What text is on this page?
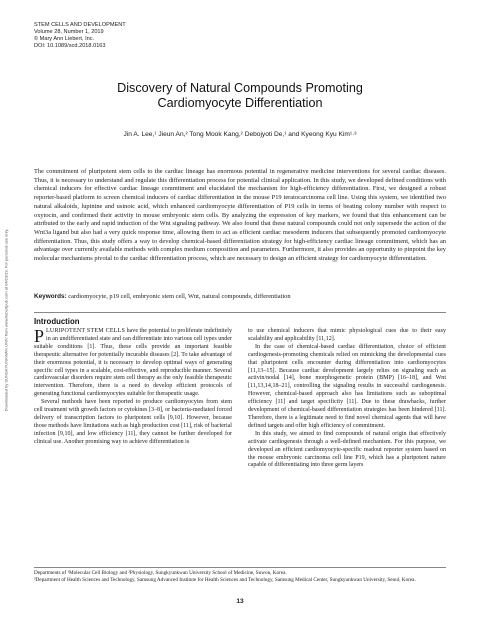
STEM CELLS AND DEVELOPMENT
Volume 28, Number 1, 2019
© Mary Ann Liebert, Inc.
DOI: 10.1089/scd.2018.0163
Downloaded by SUNGKYUNKWAN UNIV from www.liebertpub.com at 04/23/19. For personal use only.
Discovery of Natural Compounds Promoting
Cardiomyocyte Differentiation
Jin A. Lee,¹ Jieun An,² Tong Mook Kang,² Debojyoti De,¹ and Kyeong Kyu Kim¹·³

The commitment of pluripotent stem cells to the cardiac lineage has enormous potential in regenerative medicine interventions for several cardiac diseases. Thus, it is necessary to understand and regulate this differentiation process for potential clinical application. In this study, we developed defined conditions with chemical inducers for effective cardiac lineage commitment and elucidated the mechanism for high-efficiency differentiation. First, we designed a robust reporter-based platform to screen chemical inducers of cardiac differentiation in the mouse P19 teratocarcinoma cell line. Using this system, we identified two natural alkaloids, lupinine and usinoic acid, which enhanced cardiomyocyte differentiation of P19 cells in terms of beating colony number with respect to oxytocin, and confirmed their activity in mouse embryonic stem cells. By analyzing the expression of key markers, we found that this enhancement can be attributed to the early and rapid induction of the Wnt signaling pathway. We also found that these natural compounds could not only supersede the action of the Wnt3a ligand but also had a very quick response time, allowing them to act as efficient cardiac mesoderm inducers that subsequently promoted cardiomyocyte differentiation. Thus, this study offers a way to develop chemical-based differentiation strategy for high-efficiency cardiac lineage commitment, which has an advantage over currently available methods with complex medium composition and parameters. Furthermore, it also provides an opportunity to pinpoint the key molecular mechanisms pivotal to the cardiac differentiation process, which are necessary to design an efficient strategy for cardiomyocyte differentiation.

Keywords: cardiomyocyte, p19 cell, embryonic stem cell, Wnt, natural compounds, differentiation
Introduction

PLURIPOTENT STEM CELLS have the potential to proliferate indefinitely in an undifferentiated state and can differentiate into various cell types under suitable conditions [1]. Thus, these cells provide an important feasible therapeutic alternative for potentially incurable diseases [2]. To take advantage of their enormous potential, it is necessary to develop optimal ways of generating specific cell types in a scalable, cost-effective, and reproducible manner. Several cardiovascular disorders require stem cell therapy as the only feasible therapeutic intervention. Therefore, there is a need to develop efficient protocols of generating functional cardiomyocytes suitable for therapeutic usage.

Several methods have been reported to produce cardiomyocytes from stem cell treatment with growth factors or cytokines [3–8], or bacteria-mediated forced delivery of transcription factors to pluripotent cells [9,10]. However, because those methods have limitations such as high production cost [11], risk of bacterial infection [9,10], and low efficiency [11], they cannot be further developed for clinical use. Another promising way to achieve differentiation is

to use chemical inducers that mimic physiological cues due to their easy scalability and applicability [11,12].

In the case of chemical-based cardiac differentiation, choice of efficient cardiogenesis-promoting chemicals relied on mimicking the developmental cues that pluripotent cells encounter during differentiation into cardiomyocytes [11,13–15]. Because cardiac development largely relies on signaling such as activin/nodal [14], bone morphogenetic protein (BMP) [16–18], and Wnt [11,13,14,18–21], controlling the signaling results in successful cardiogenesis. However, chemical-based approach also has limitations such as suboptimal efficiency [11] and target specificity [11]. Due to these drawbacks, further development of chemical-based differentiation strategies has been hindered [11]. Therefore, there is a legitimate need to find novel chemical agents that will have defined targets and offer high efficiency of commitment.

In this study, we aimed to find compounds of natural origin that effectively activate cardiogenesis through a well-defined mechanism. For this purpose, we developed an efficient cardiomyocyte-specific readout reporter system based on the mouse embryonic carcinoma cell line P19, which has a pluripotent nature capable of differentiating into three germ layers

Departments of ¹Molecular Cell Biology and ²Physiology, Sungkyunkwan University School of Medicine, Suwon, Korea.

³Department of Health Sciences and Technology, Samsung Advanced Institute for Health Sciences and Technology, Samsung Medical Center, Sungkyunkwan University, Seoul, Korea.

13
